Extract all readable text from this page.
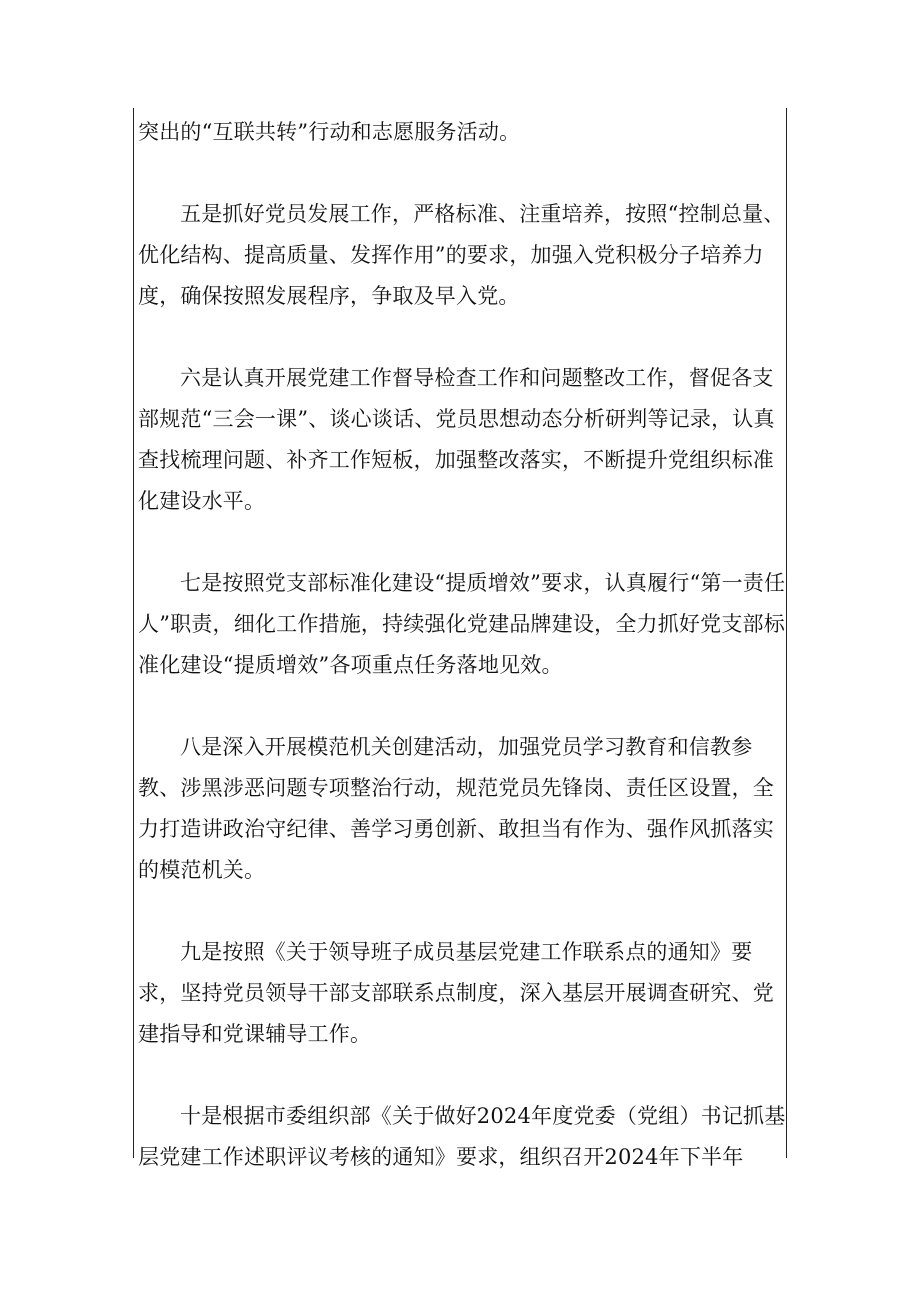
突出的“互联共转”行动和志愿服务活动。

五是抓好党员发展工作，严格标准、注重培养，按照“控制总量、优化结构、提高质量、发挥作用”的要求，加强入党积极分子培养力度，确保按照发展程序，争取及早入党。

六是认真开展党建工作督导检查工作和问题整改工作，督促各支部规范“三会一课”、谈心谈话、党员思想动态分析研判等记录，认真查找梳理问题、补齐工作短板，加强整改落实，不断提升党组织标准化建设水平。

七是按照党支部标准化建设“提质增效”要求，认真履行“第一责任人”职责，细化工作措施，持续强化党建品牌建设，全力抓好党支部标准化建设“提质增效”各项重点任务落地见效。

八是深入开展模范机关创建活动，加强党员学习教育和信教参教、涉黑涉恶问题专项整治行动，规范党员先锋岗、责任区设置，全力打造讲政治守纪律、善学习勇创新、敢担当有作为、强作风抓落实的模范机关。

九是按照《关于领导班子成员基层党建工作联系点的通知》要求，坚持党员领导干部支部联系点制度，深入基层开展调查研究、党建指导和党课辅导工作。

十是根据市委组织部《关于做好2024年度党委（党组）书记抓基层党建工作述职评议考核的通知》要求，组织召开2024年下半年
